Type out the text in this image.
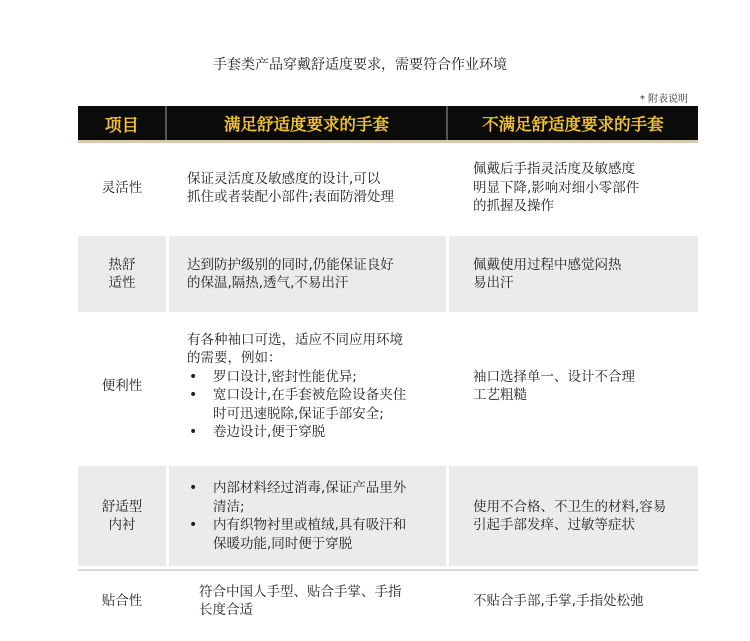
手套类产品穿戴舒适度要求，需要符合作业环境
* 附表说明
项目	满足舒适度要求的手套	不满足舒适度要求的手套
灵活性
保证灵活度及敏感度的设计,可以
抓住或者装配小部件;表面防滑处理
佩戴后手指灵活度及敏感度
明显下降,影响对细小零部件
的抓握及操作
热舒
适性
达到防护级别的同时,仍能保证良好
的保温,隔热,透气,不易出汗
佩戴使用过程中感觉闷热
易出汗
便利性
有各种袖口可选，适应不同应用环境
的需要，例如：
• 罗口设计,密封性能优异;
• 宽口设计,在手套被危险设备夹住
时可迅速脱除,保证手部安全;
• 卷边设计,便于穿脱
袖口选择单一、设计不合理
工艺粗糙
舒适型
内衬
• 内部材料经过消毒,保证产品里外
清洁;
• 内有织物衬里或植绒,具有吸汗和
保暖功能,同时便于穿脱
使用不合格、不卫生的材料,容易
引起手部发痒、过敏等症状
贴合性
符合中国人手型、贴合手掌、手指
长度合适
不贴合手部,手掌,手指处松弛
